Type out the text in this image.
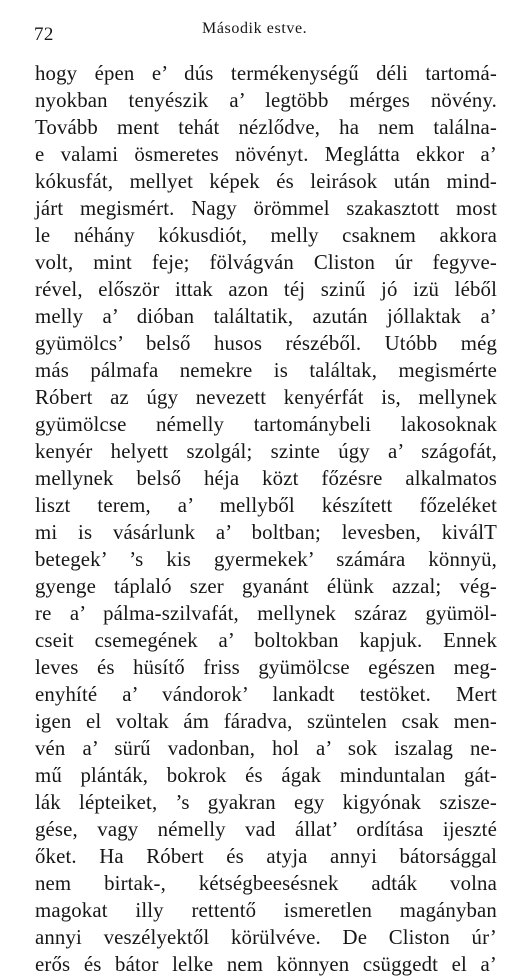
72	Második estve.
hogy épen e’ dús termékenységű déli tartomá-
nyokban tenyészik a’ legtöbb mérges növény.
Tovább ment tehát nézlődve, ha nem találna-
e valami ösmeretes növényt. Meglátta ekkor a’
kókusfát, mellyet képek és leirások után mind-
járt megismért. Nagy örömmel szakasztott most
le néhány kókusdiót, melly csaknem akkora
volt, mint feje; fölvágván Cliston úr fegyve-
rével, először ittak azon téj szinű jó izü léből
melly a’ dióban találtatik, azután jóllaktak a’
gyümölcs’ belső husos részéből. Utóbb még
más pálmafa nemekre is találtak, megismérte
Róbert az úgy nevezett kenyérfát is, mellynek
gyümölcse némelly tartománybeli lakosoknak
kenyér helyett szolgál; szinte úgy a’ szágofát,
mellynek belső héja közt főzésre alkalmatos
liszt terem, a’ mellyből készített főzeléket
mi is vásárlunk a’ boltban; levesben, kiválT
betegek’ ’s kis gyermekek’ számára könnyü,
gyenge táplaló szer gyanánt élünk azzal; vég-
re a’ pálma-szilvafát, mellynek száraz gyümöl-
cseit csemegének a’ boltokban kapjuk. Ennek
leves és hüsítő friss gyümölcse egészen meg-
enyhíté a’ vándorok’ lankadt testöket. Mert
igen el voltak ám fáradva, szüntelen csak men-
vén a’ sürű vadonban, hol a’ sok iszalag ne-
mű plánták, bokrok és ágak minduntalan gát-
lák lépteiket, ’s gyakran egy kigyónak szisze-
gése, vagy némelly vad állat’ ordítása ijeszté
őket. Ha Róbert és atyja annyi bátorsággal
nem birtak-, kétségbeesésnek adták volna
magokat illy rettentő ismeretlen magányban
annyi veszélyektől körülvéve. De Cliston úr’
erős és bátor lelke nem könnyen csüggedt el a’
